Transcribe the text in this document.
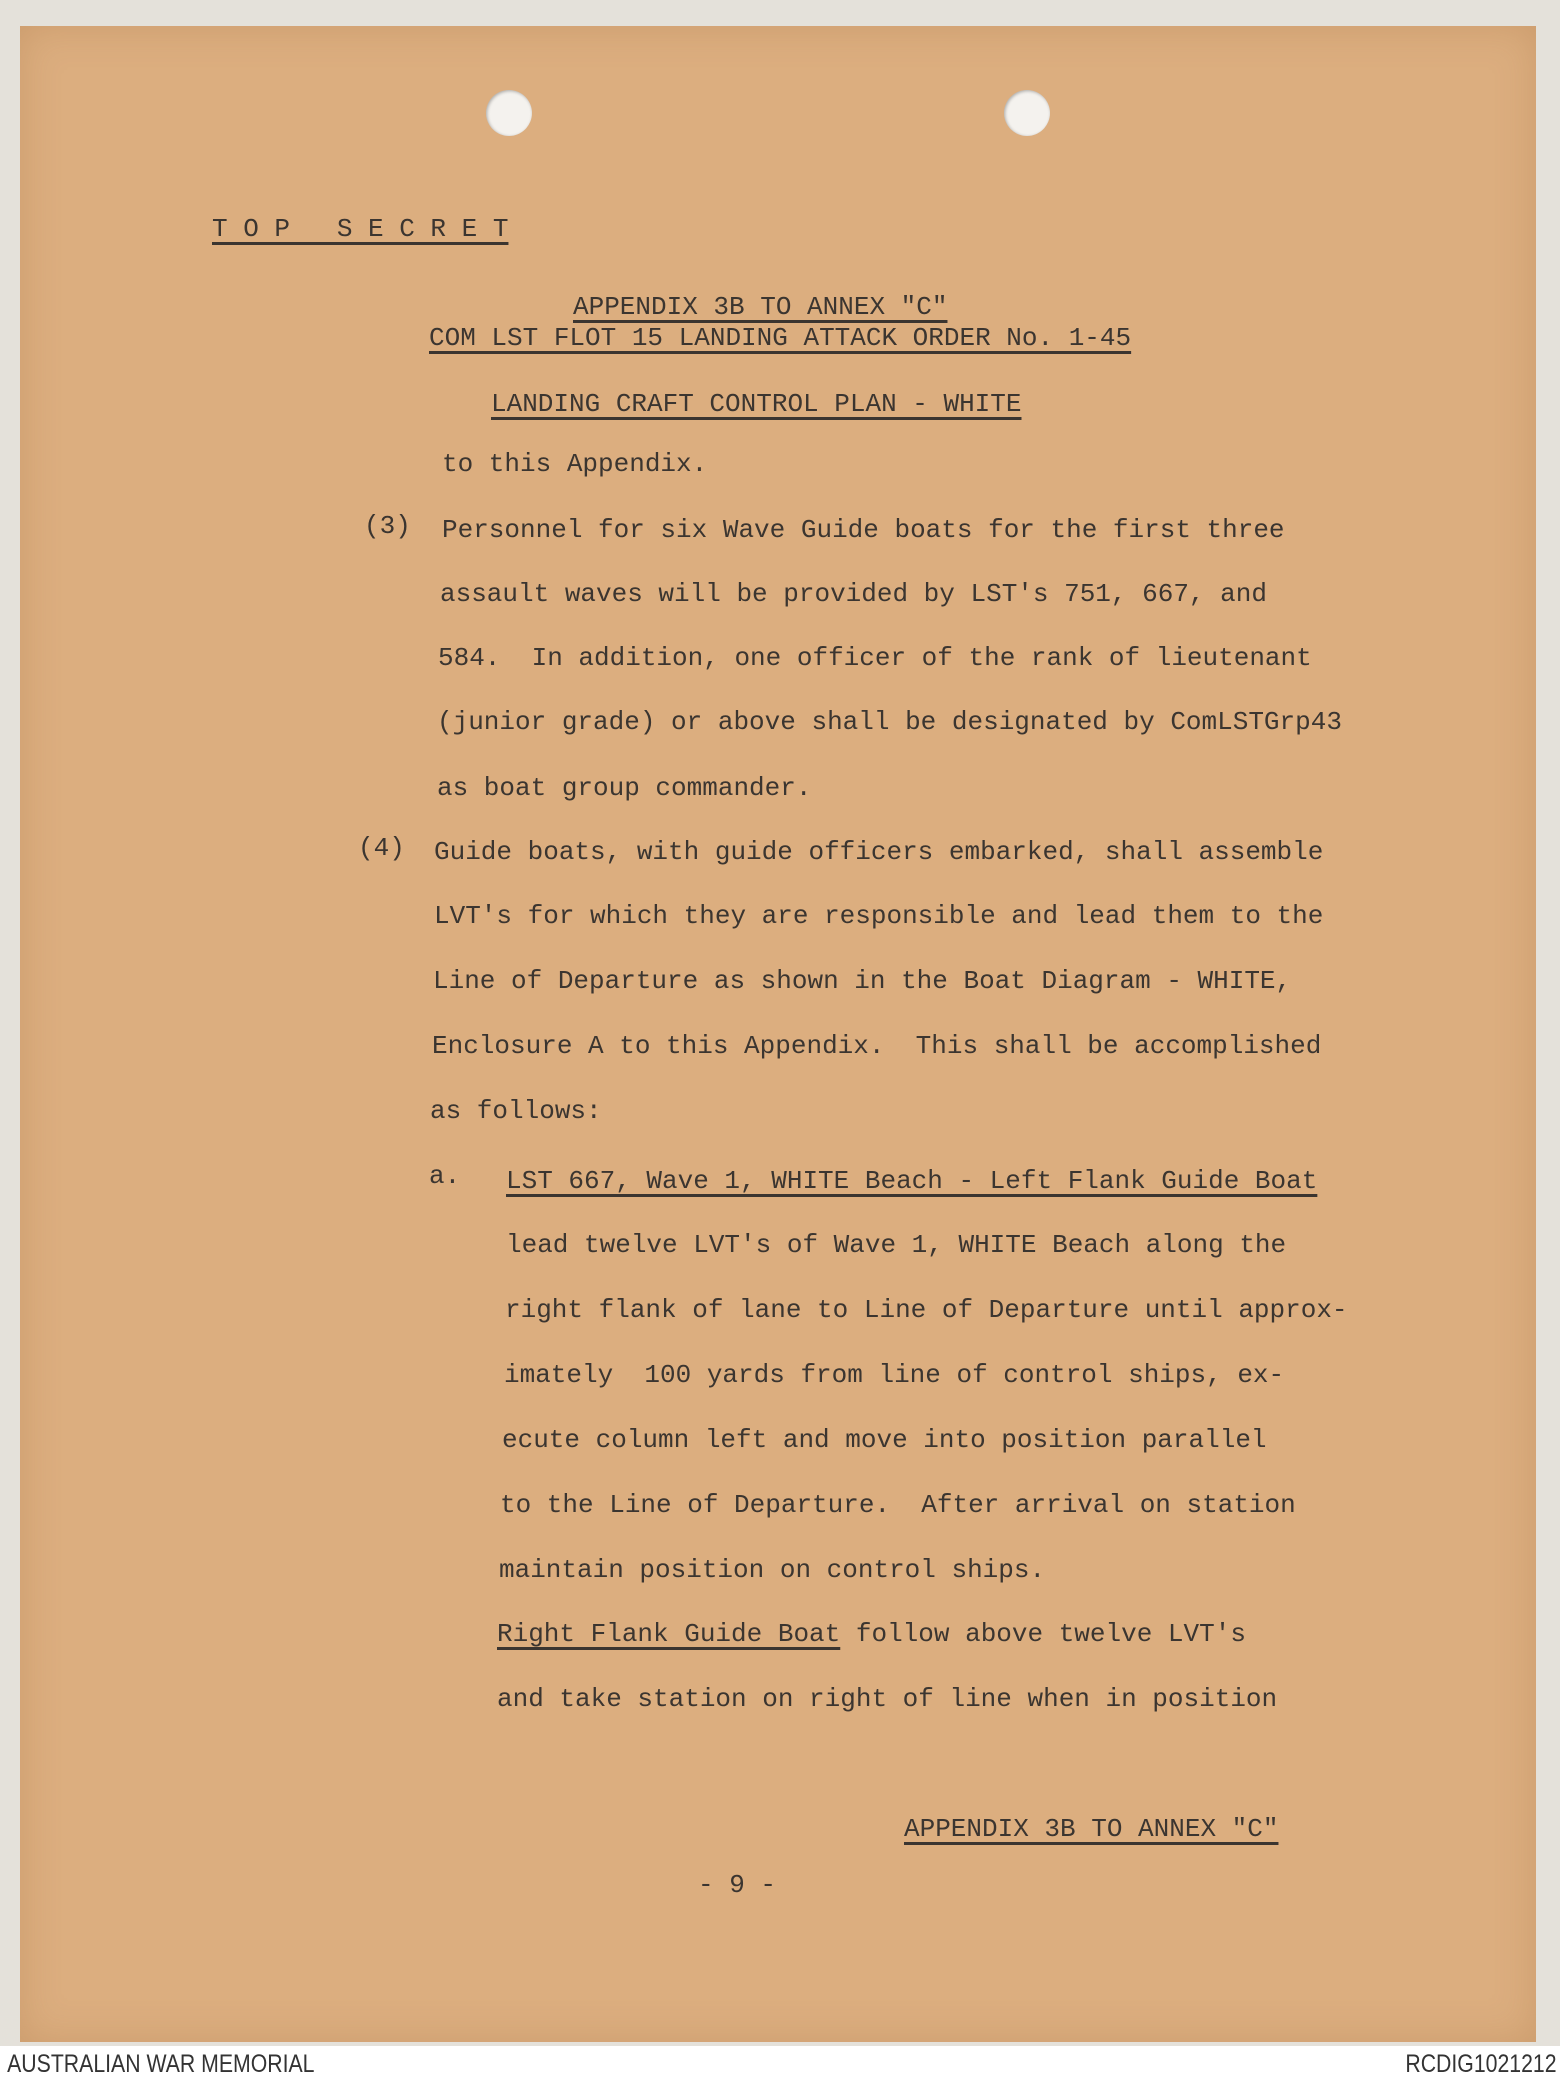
T O P   S E C R E T
APPENDIX 3B TO ANNEX "C"
COM LST FLOT 15 LANDING ATTACK ORDER No. 1-45
LANDING CRAFT CONTROL PLAN - WHITE
to this Appendix.
(3) Personnel for six Wave Guide boats for the first three
assault waves will be provided by LST's 751, 667, and
584.  In addition, one officer of the rank of lieutenant
(junior grade) or above shall be designated by ComLSTGrp43
as boat group commander.
(4) Guide boats, with guide officers embarked, shall assemble
LVT's for which they are responsible and lead them to the
Line of Departure as shown in the Boat Diagram - WHITE,
Enclosure A to this Appendix.  This shall be accomplished
as follows:
a. LST 667, Wave 1, WHITE Beach - Left Flank Guide Boat
lead twelve LVT's of Wave 1, WHITE Beach along the
right flank of lane to Line of Departure until approx-
imately  100 yards from line of control ships, ex-
ecute column left and move into position parallel
to the Line of Departure.  After arrival on station
maintain position on control ships.
Right Flank Guide Boat follow above twelve LVT's
and take station on right of line when in position
APPENDIX 3B TO ANNEX "C"
- 9 -
AUSTRALIAN WAR MEMORIAL	RCDIG1021212
